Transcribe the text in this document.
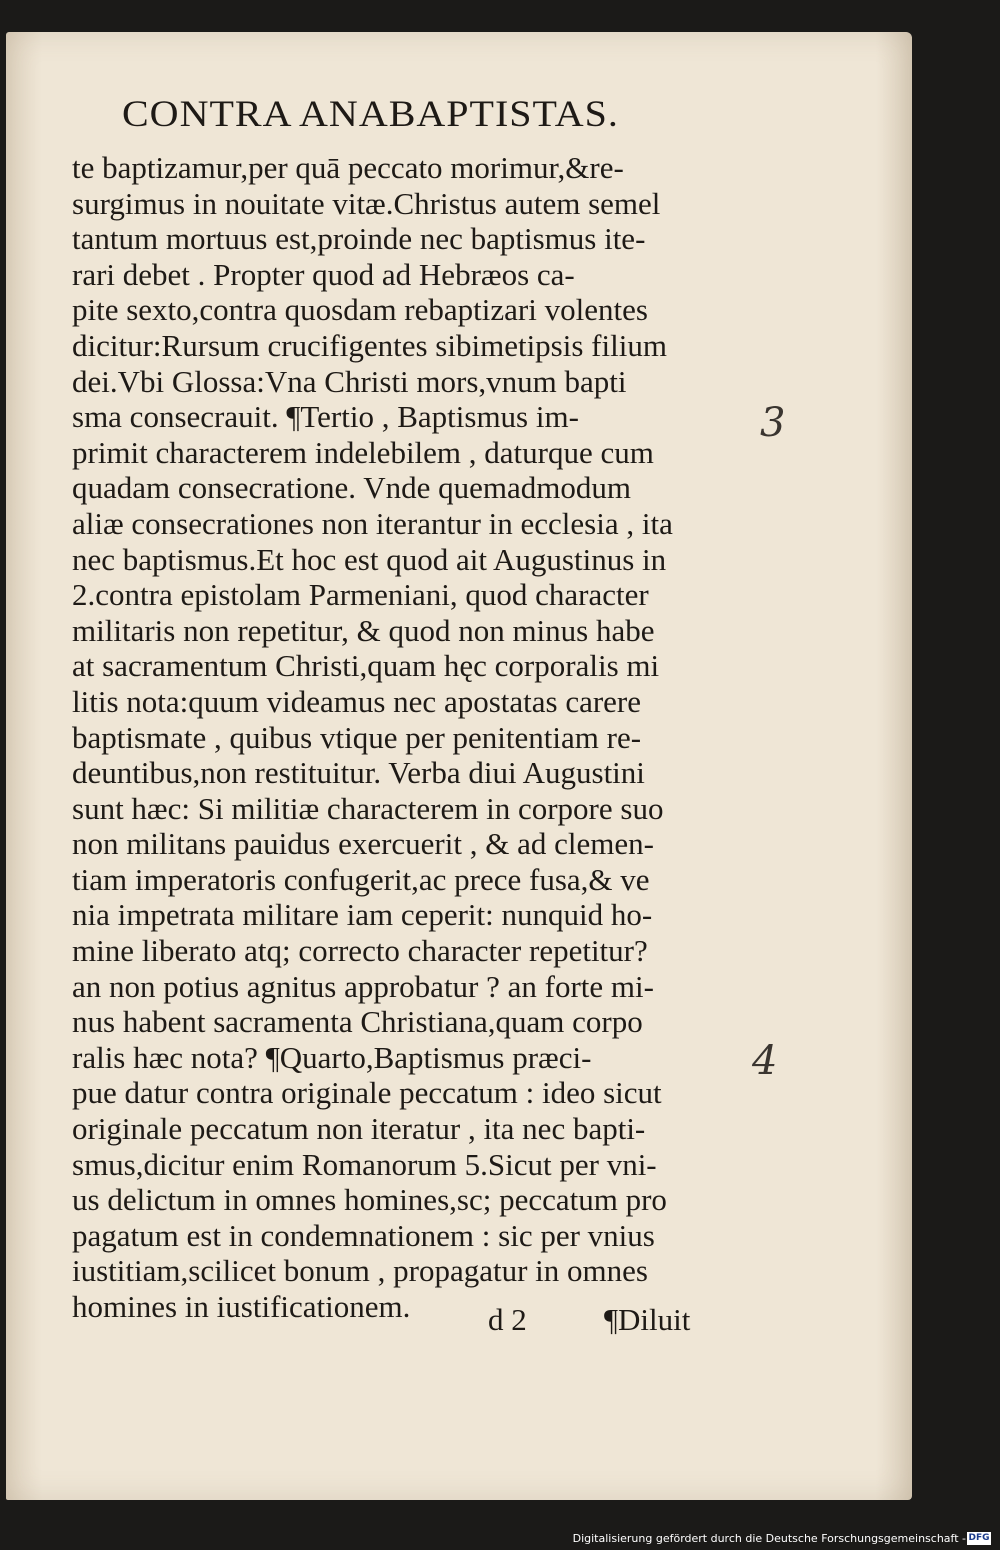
CONTRA ANABAPTISTAS.
te baptizamur,per quā peccato morimur,&re-
surgimus in nouitate vitæ.Christus autem semel
tantum mortuus est,proinde nec baptismus ite-
rari debet . Propter quod ad Hebræos ca-
pite sexto,contra quosdam rebaptizari volentes
dicitur:Rursum crucifigentes sibimetipsis filium
dei.Vbi Glossa:Vna Christi mors,vnum bapti
sma consecrauit. ¶Tertio , Baptismus im-
primit characterem indelebilem , daturque cum
quadam consecratione. Vnde quemadmodum
aliæ consecrationes non iterantur in ecclesia , ita
nec baptismus.Et hoc est quod ait Augustinus in
2.contra epistolam Parmeniani, quod character
militaris non repetitur, & quod non minus habe
at sacramentum Christi,quam hęc corporalis mi
litis nota:quum videamus nec apostatas carere
baptismate , quibus vtique per penitentiam re-
deuntibus,non restituitur. Verba diui Augustini
sunt hæc: Si militiæ characterem in corpore suo
non militans pauidus exercuerit , & ad clemen-
tiam imperatoris confugerit,ac prece fusa,& ve
nia impetrata militare iam ceperit: nunquid ho-
mine liberato atq; correcto character repetitur?
an non potius agnitus approbatur ? an forte mi-
nus habent sacramenta Christiana,quam corpo
ralis hæc nota? ¶Quarto,Baptismus præci-
pue datur contra originale peccatum : ideo sicut
originale peccatum non iteratur , ita nec bapti-
smus,dicitur enim Romanorum 5.Sicut per vni-
us delictum in omnes homines,sc; peccatum pro
pagatum est in condemnationem : sic per vnius
iustitiam,scilicet bonum , propagatur in omnes
homines in iustificationem.	d 2 ¶Diluit
3
4
Digitalisierung gefördert durch die Deutsche Forschungsgemeinschaft - DFG
